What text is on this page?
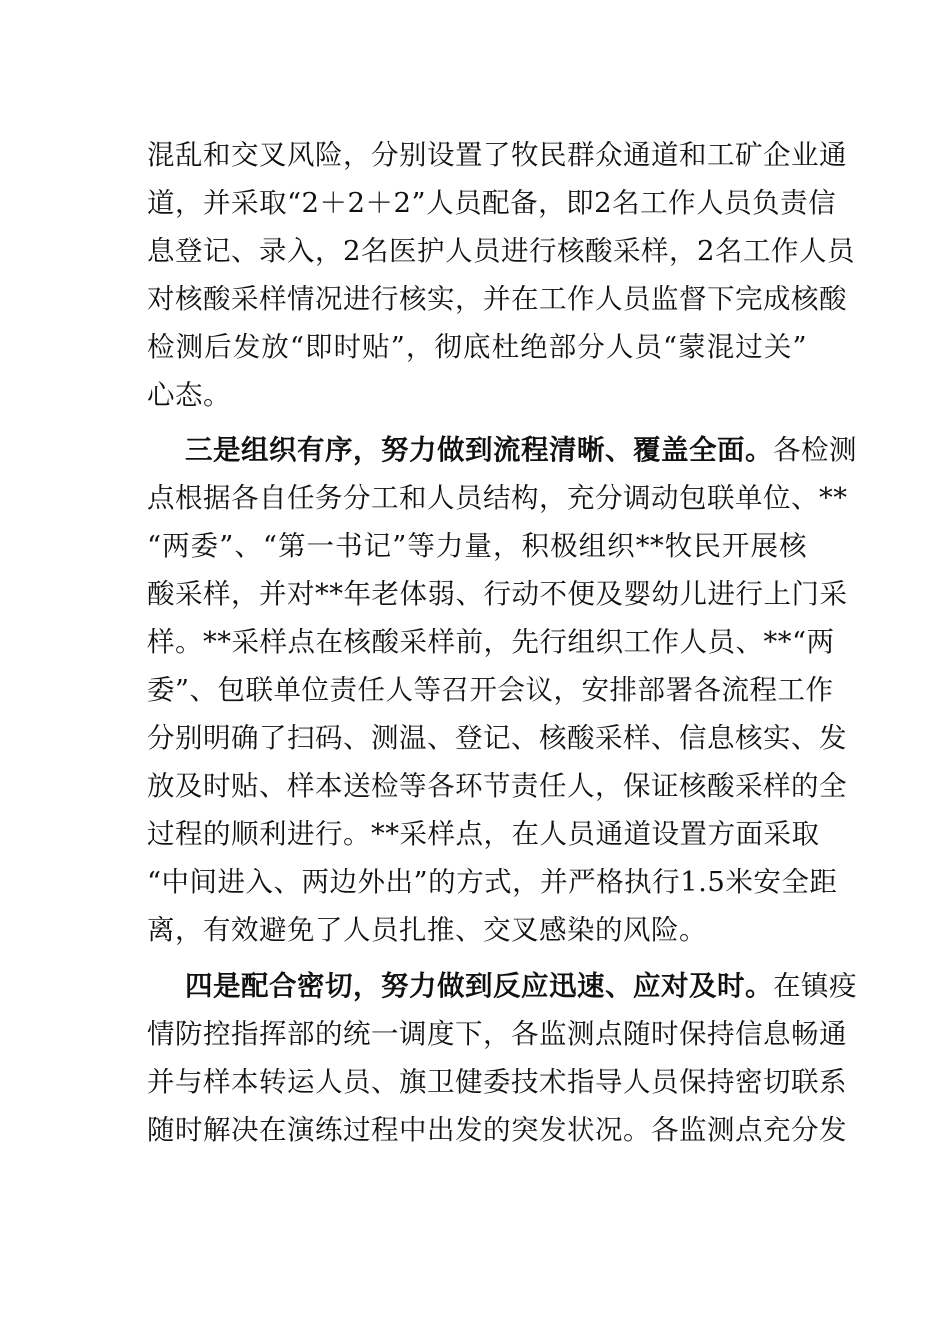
混乱和交叉风险，分别设置了牧民群众通道和工矿企业通
道，并采取“2＋2＋2”人员配备，即2名工作人员负责信
息登记、录入，2名医护人员进行核酸采样，2名工作人员
对核酸采样情况进行核实，并在工作人员监督下完成核酸
检测后发放“即时贴”，彻底杜绝部分人员“蒙混过关”
心态。
三是组织有序，努力做到流程清晰、覆盖全面。各检测
点根据各自任务分工和人员结构，充分调动包联单位、**
“两委”、“第一书记”等力量，积极组织**牧民开展核
酸采样，并对**年老体弱、行动不便及婴幼儿进行上门采
样。**采样点在核酸采样前，先行组织工作人员、**“两
委”、包联单位责任人等召开会议，安排部署各流程工作
分别明确了扫码、测温、登记、核酸采样、信息核实、发
放及时贴、样本送检等各环节责任人，保证核酸采样的全
过程的顺利进行。**采样点，在人员通道设置方面采取
“中间进入、两边外出”的方式，并严格执行1.5米安全距
离，有效避免了人员扎推、交叉感染的风险。
四是配合密切，努力做到反应迅速、应对及时。在镇疫
情防控指挥部的统一调度下，各监测点随时保持信息畅通
并与样本转运人员、旗卫健委技术指导人员保持密切联系
随时解决在演练过程中出发的突发状况。各监测点充分发
